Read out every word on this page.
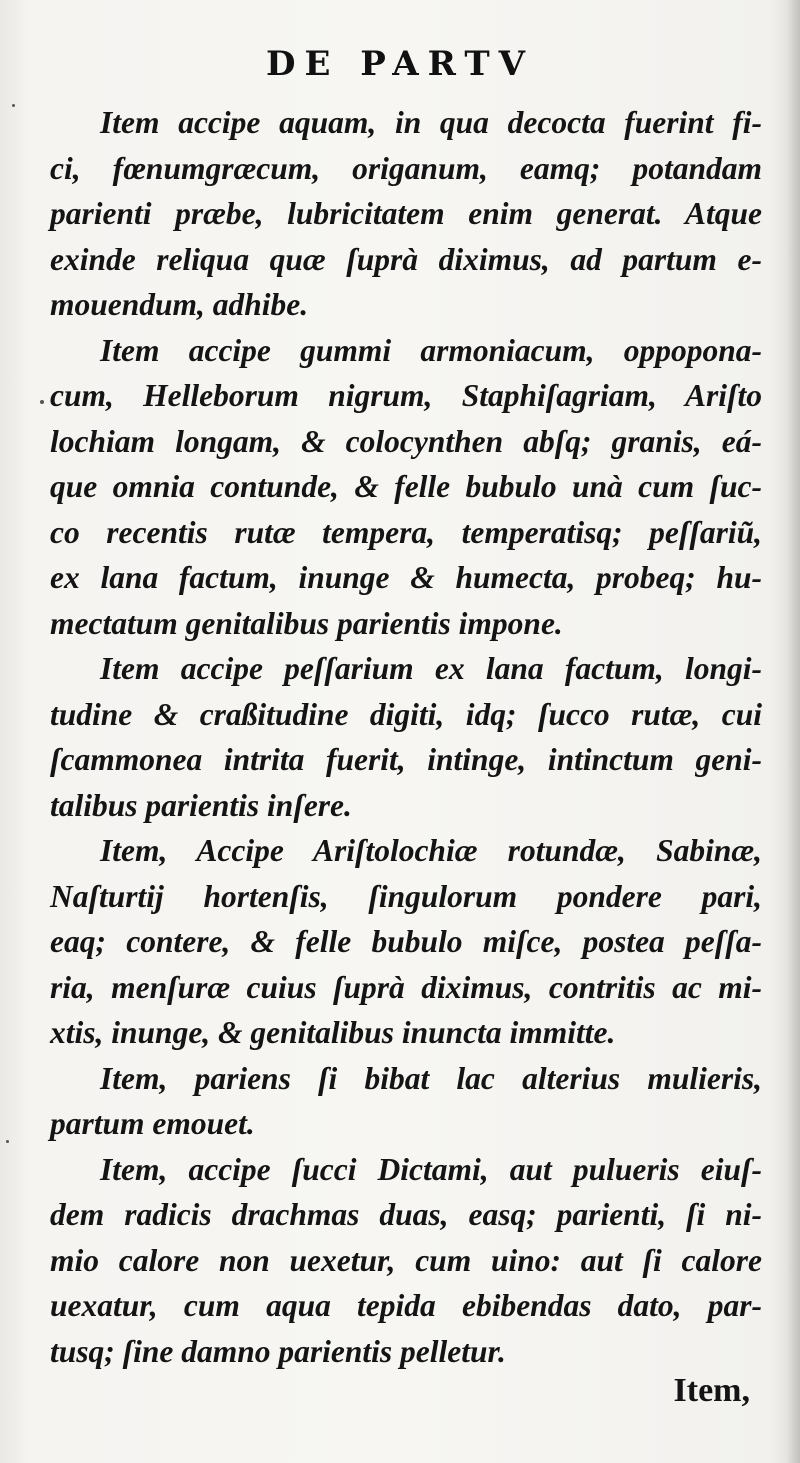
DE PARTV
Item accipe aquam, in qua decocta fuerint fi-
ci, fœnumgræcum, origanum, eamq; potandam
parienti præbe, lubricitatem enim generat. Atque
exinde reliqua quæ ſuprà diximus, ad partum e-
mouendum, adhibe.
Item accipe gummi armoniacum, oppopona-
cum, Helleborum nigrum, Staphiſagriam, Ariſto
lochiam longam, & colocynthen abſq; granis, eá-
que omnia contunde, & felle bubulo unà cum ſuc-
co recentis rutæ tempera, temperatisq; peſſariũ,
ex lana factum, inunge & humecta, probeq; hu-
mectatum genitalibus parientis impone.
Item accipe peſſarium ex lana factum, longi-
tudine & craßitudine digiti, idq; ſucco rutæ, cui
ſcammonea intrita fuerit, intinge, intinctum geni-
talibus parientis inſere.
Item, Accipe Ariſtolochiæ rotundæ, Sabinæ,
Naſturtij hortenſis, ſingulorum pondere pari,
eaq; contere, & felle bubulo miſce, postea peſſa-
ria, menſuræ cuius ſuprà diximus, contritis ac mi-
xtis, inunge, & genitalibus inuncta immitte.
Item, pariens ſi bibat lac alterius mulieris,
partum emouet.
Item, accipe ſucci Dictami, aut pulueris eiuſ-
dem radicis drachmas duas, easq; parienti, ſi ni-
mio calore non uexetur, cum uino: aut ſi calore
uexatur, cum aqua tepida ebibendas dato, par-
tusq; ſine damno parientis pelletur.
Item,
